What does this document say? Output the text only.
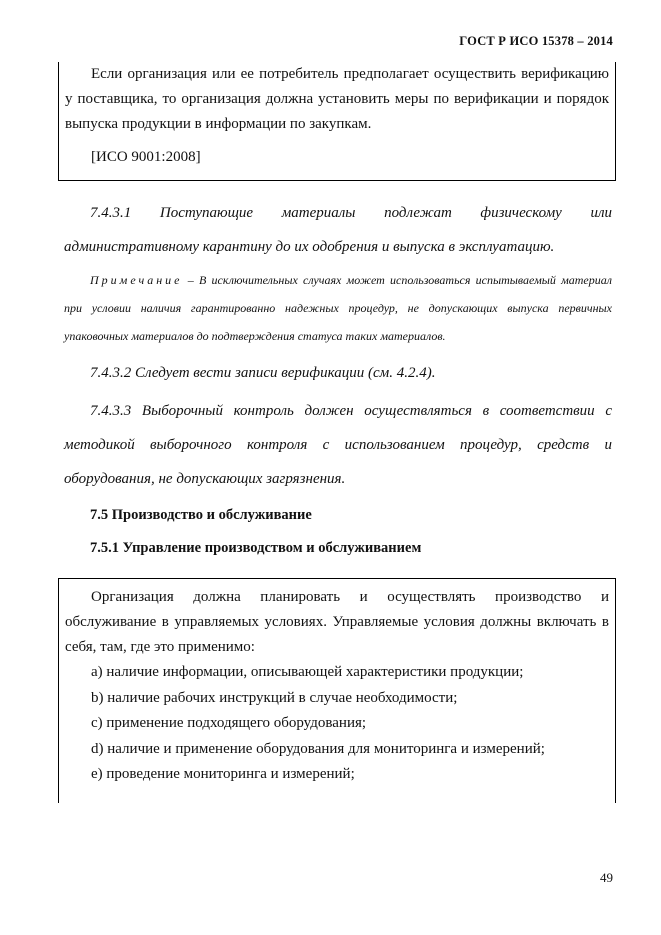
ГОСТ Р ИСО 15378 – 2014

Если организация или ее потребитель предполагает осуществить верификацию у поставщика, то организация должна установить меры по верификации и порядок выпуска продукции в информации по закупкам.

[ИСО 9001:2008]

7.4.3.1 Поступающие материалы подлежат физическому или административному карантину до их одобрения и выпуска в эксплуатацию.

Примечание – В исключительных случаях может использоваться испытываемый материал при условии наличия гарантированно надежных процедур, не допускающих выпуска первичных упаковочных материалов до подтверждения статуса таких материалов.

7.4.3.2 Следует вести записи верификации (см. 4.2.4).

7.4.3.3 Выборочный контроль должен осуществляться в соответствии с методикой выборочного контроля с использованием процедур, средств и оборудования, не допускающих загрязнения.

7.5 Производство и обслуживание

7.5.1 Управление производством и обслуживанием

Организация должна планировать и осуществлять производство и обслуживание в управляемых условиях. Управляемые условия должны включать в себя, там, где это применимо:

a) наличие информации, описывающей характеристики продукции;

b) наличие рабочих инструкций в случае необходимости;

c) применение подходящего оборудования;

d) наличие и применение оборудования для мониторинга и измерений;

e) проведение мониторинга и измерений;

49
